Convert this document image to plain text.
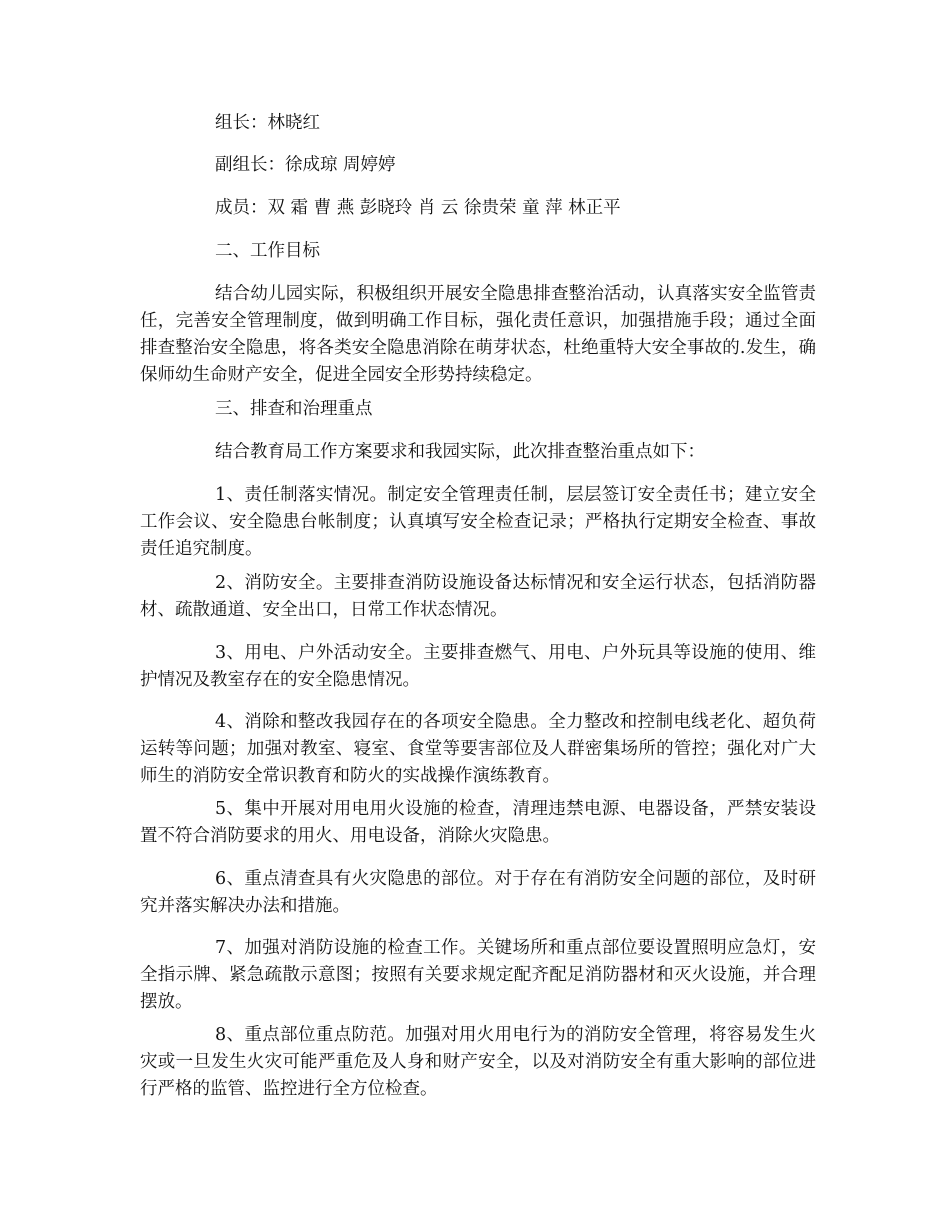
组长：林晓红

副组长：徐成琼 周婷婷

成员：双 霜 曹 燕 彭晓玲 肖 云 徐贵荣 童 萍 林正平

二、工作目标

结合幼儿园实际，积极组织开展安全隐患排查整治活动，认真落实安全监管责任，完善安全管理制度，做到明确工作目标，强化责任意识，加强措施手段；通过全面排查整治安全隐患，将各类安全隐患消除在萌芽状态，杜绝重特大安全事故的.发生，确保师幼生命财产安全，促进全园安全形势持续稳定。

三、排查和治理重点

结合教育局工作方案要求和我园实际，此次排查整治重点如下：

1、责任制落实情况。制定安全管理责任制，层层签订安全责任书；建立安全工作会议、安全隐患台帐制度；认真填写安全检查记录；严格执行定期安全检查、事故责任追究制度。

2、消防安全。主要排查消防设施设备达标情况和安全运行状态，包括消防器材、疏散通道、安全出口，日常工作状态情况。

3、用电、户外活动安全。主要排查燃气、用电、户外玩具等设施的使用、维护情况及教室存在的安全隐患情况。

4、消除和整改我园存在的各项安全隐患。全力整改和控制电线老化、超负荷运转等问题；加强对教室、寝室、食堂等要害部位及人群密集场所的管控；强化对广大师生的消防安全常识教育和防火的实战操作演练教育。

5、集中开展对用电用火设施的检查，清理违禁电源、电器设备，严禁安装设置不符合消防要求的用火、用电设备，消除火灾隐患。

6、重点清查具有火灾隐患的部位。对于存在有消防安全问题的部位，及时研究并落实解决办法和措施。

7、加强对消防设施的检查工作。关键场所和重点部位要设置照明应急灯，安全指示牌、紧急疏散示意图；按照有关要求规定配齐配足消防器材和灭火设施，并合理摆放。

8、重点部位重点防范。加强对用火用电行为的消防安全管理，将容易发生火灾或一旦发生火灾可能严重危及人身和财产安全，以及对消防安全有重大影响的部位进行严格的监管、监控进行全方位检查。
